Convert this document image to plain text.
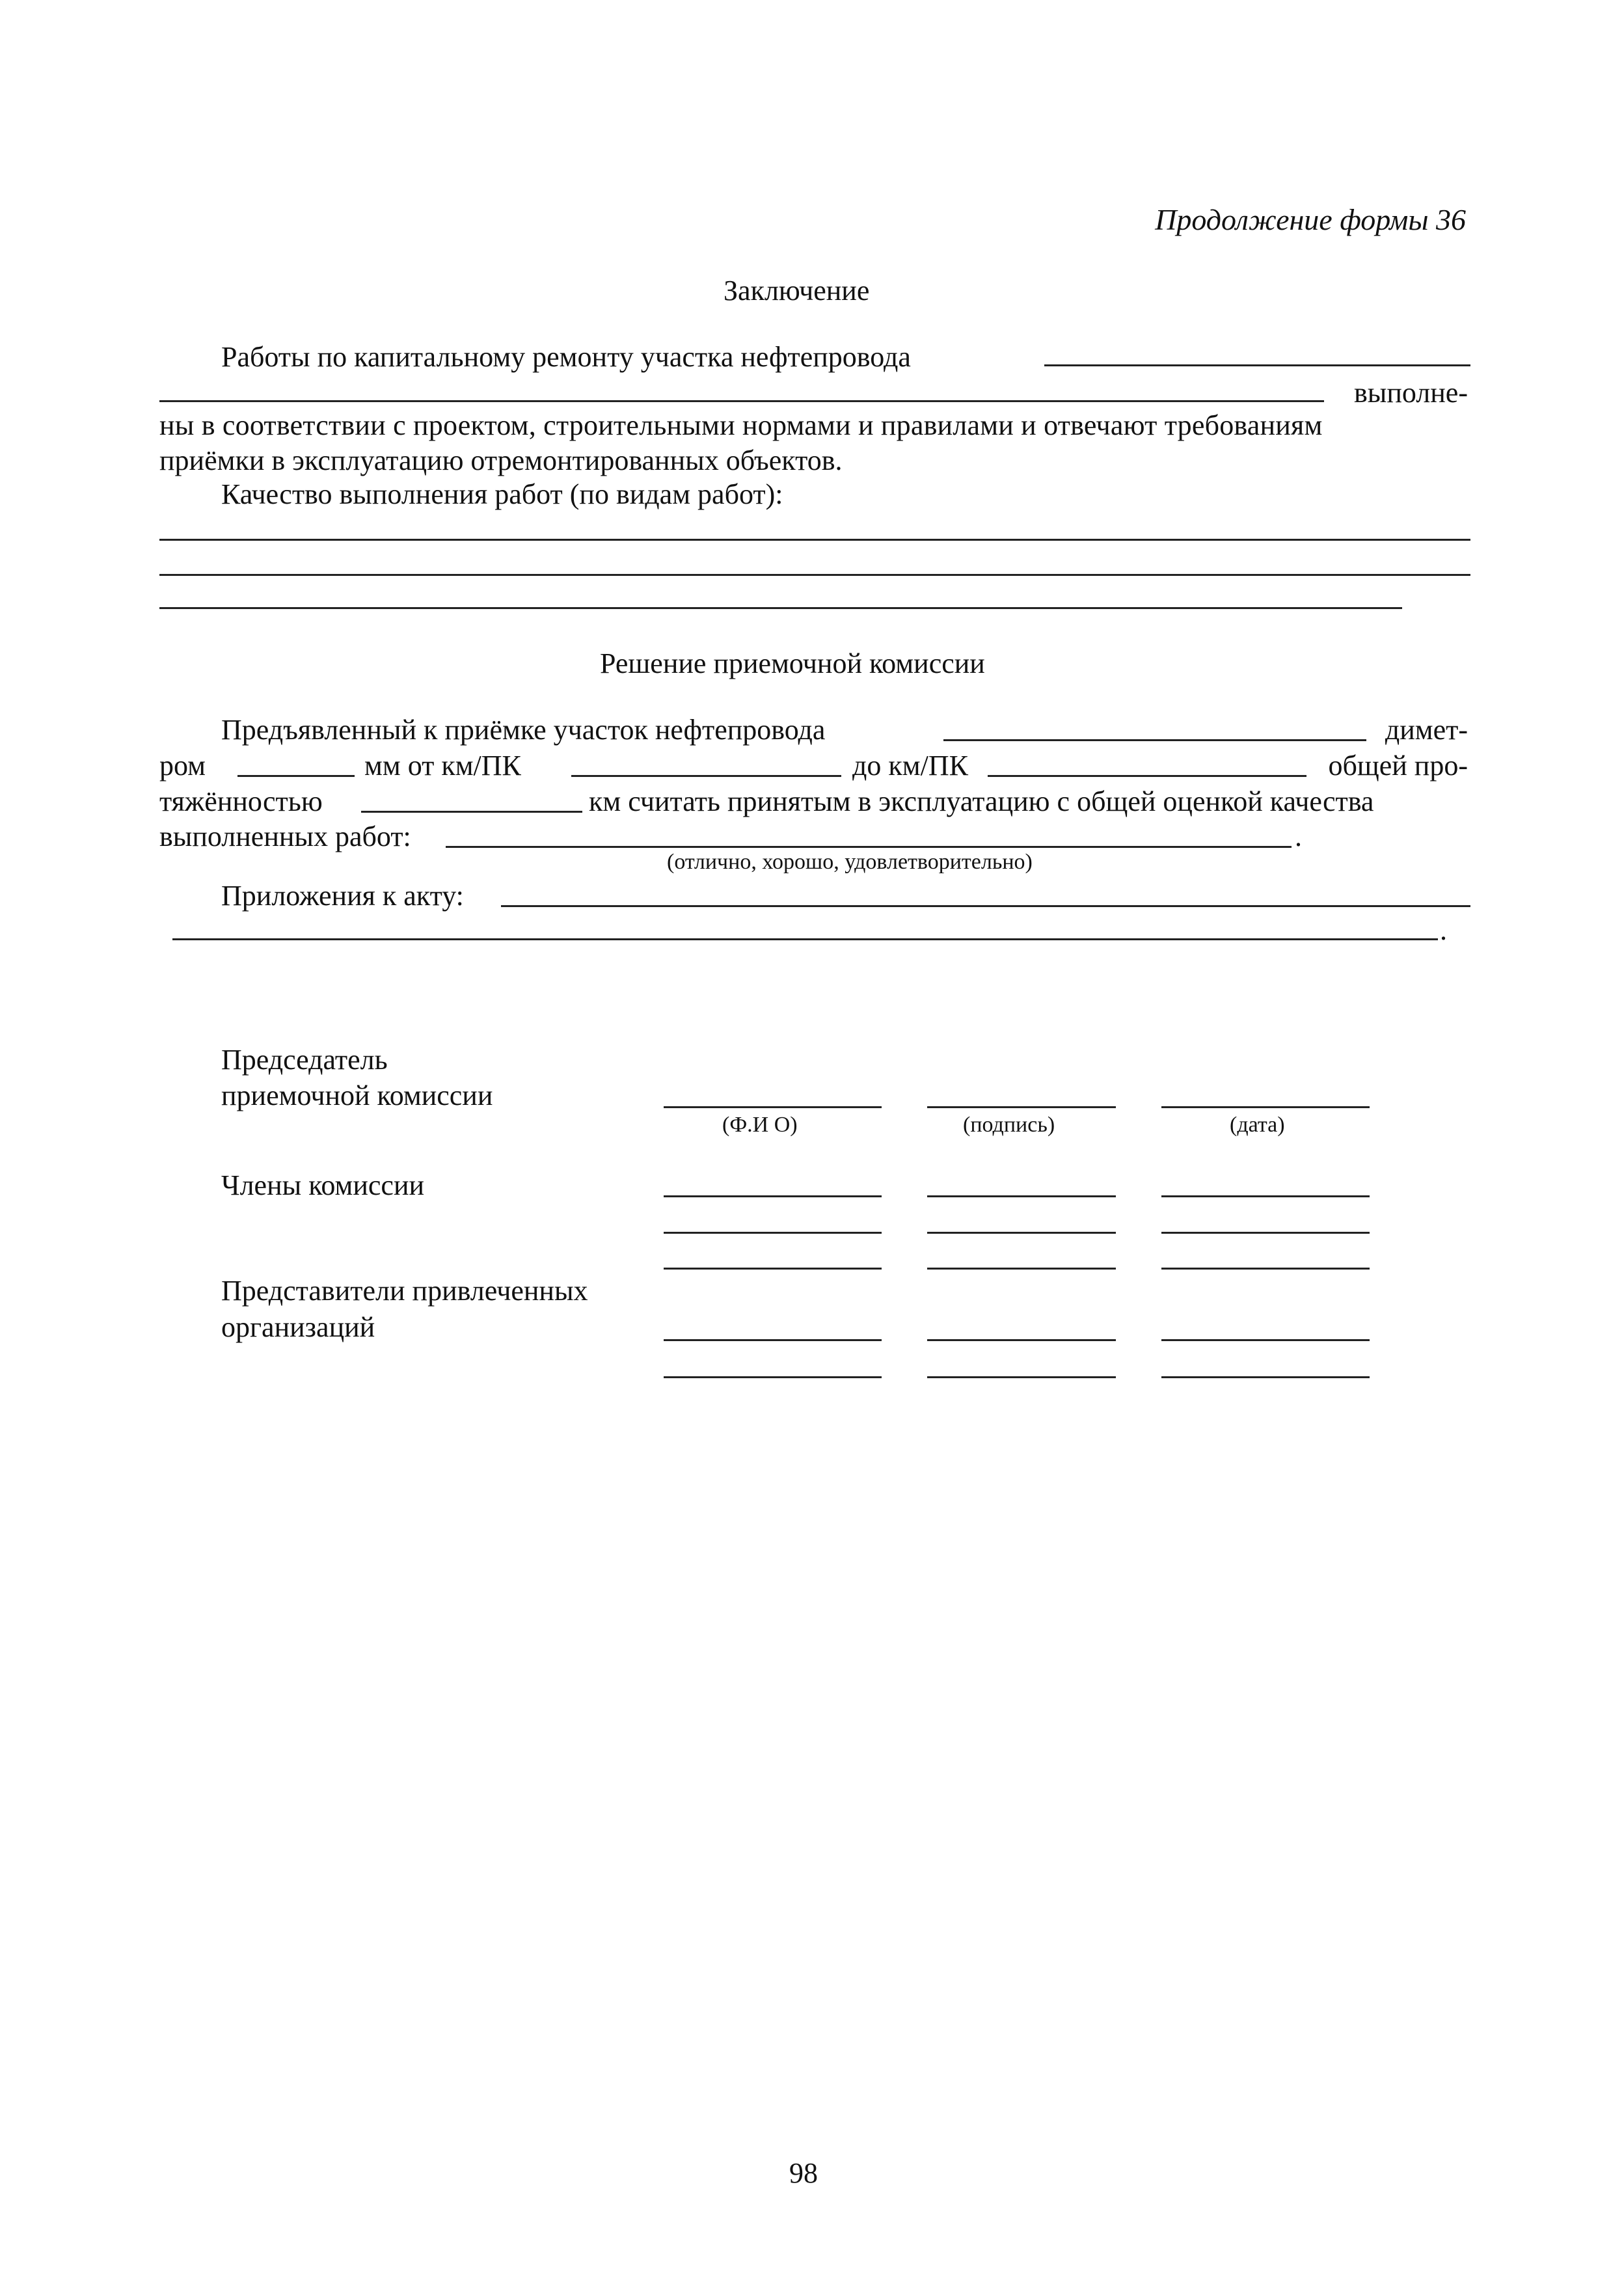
Продолжение формы 36
Заключение
Работы по капитальному ремонту участка нефтепровода
выполне-
ны в соответствии с проектом, строительными нормами и правилами и отвечают требованиям
приёмки в эксплуатацию отремонтированных объектов.
Качество выполнения работ (по видам работ):
Решение приемочной комиссии
Предъявленный к приёмке участок нефтепровода	димет-
ром	мм от км/ПК	до км/ПК	общей про-
тяжённостью	км считать принятым в эксплуатацию с общей оценкой качества
выполненных работ:	.
(отлично, хорошо, удовлетворительно)
Приложения к акту:
.
Председатель
приемочной комиссии
(Ф.И О)	(подпись)	(дата)
Члены комиссии
Представители привлеченных
организаций
98
